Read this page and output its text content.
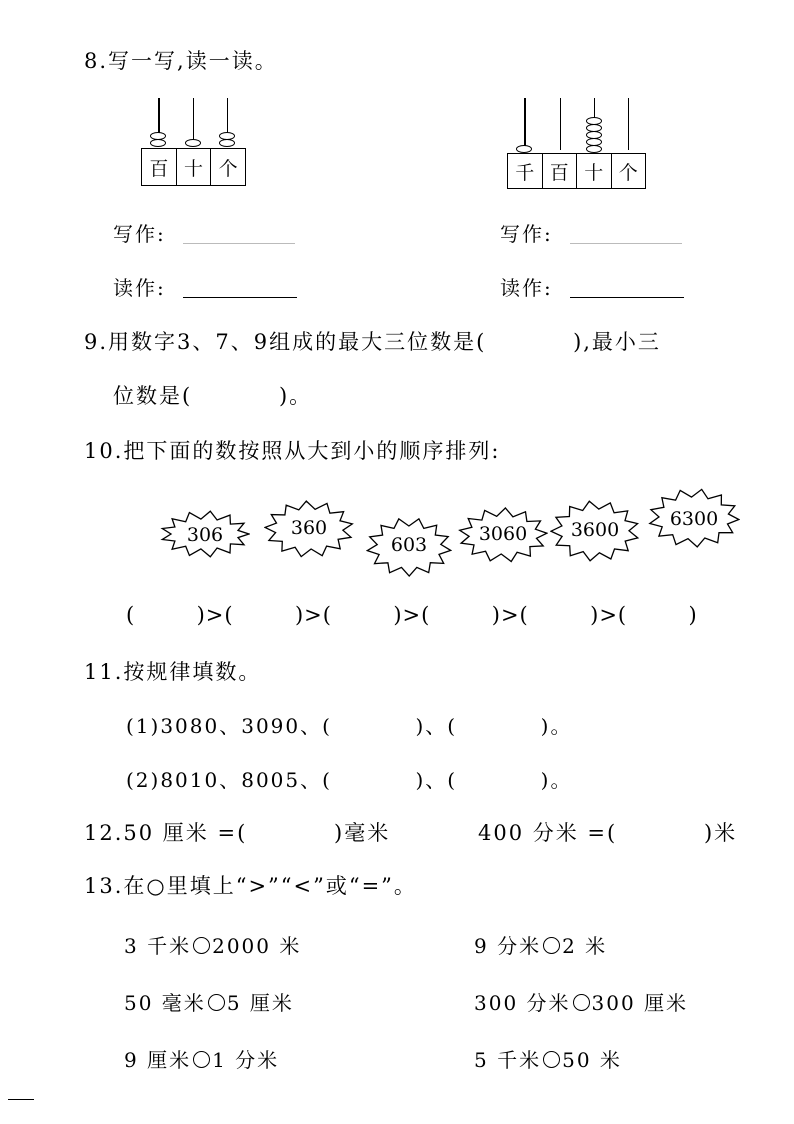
8.写一写,读一读。
百 十 个	千 百 十 个
写作:
读作:
写作:
读作:
9.用数字3、7、9组成的最大三位数是(          ),最小三
位数是(          )。
10.把下面的数按照从大到小的顺序排列:
306	360
603	3060	3600	6300
(        )>(        )>(        )>(        )>(        )>(        )
11.按规律填数。
(1)3080、3090、(          )、(          )。
(2)8010、8005、(          )、(          )。
12.50 厘米 =(          )毫米	400 分米 =(          )米
13.在○里填上“>”“<”或“=”。
3 千米 2000 米	9 分米 2 米
50 毫米 5 厘米	300 分米 300 厘米
9 厘米 1 分米	5 千米 50 米
